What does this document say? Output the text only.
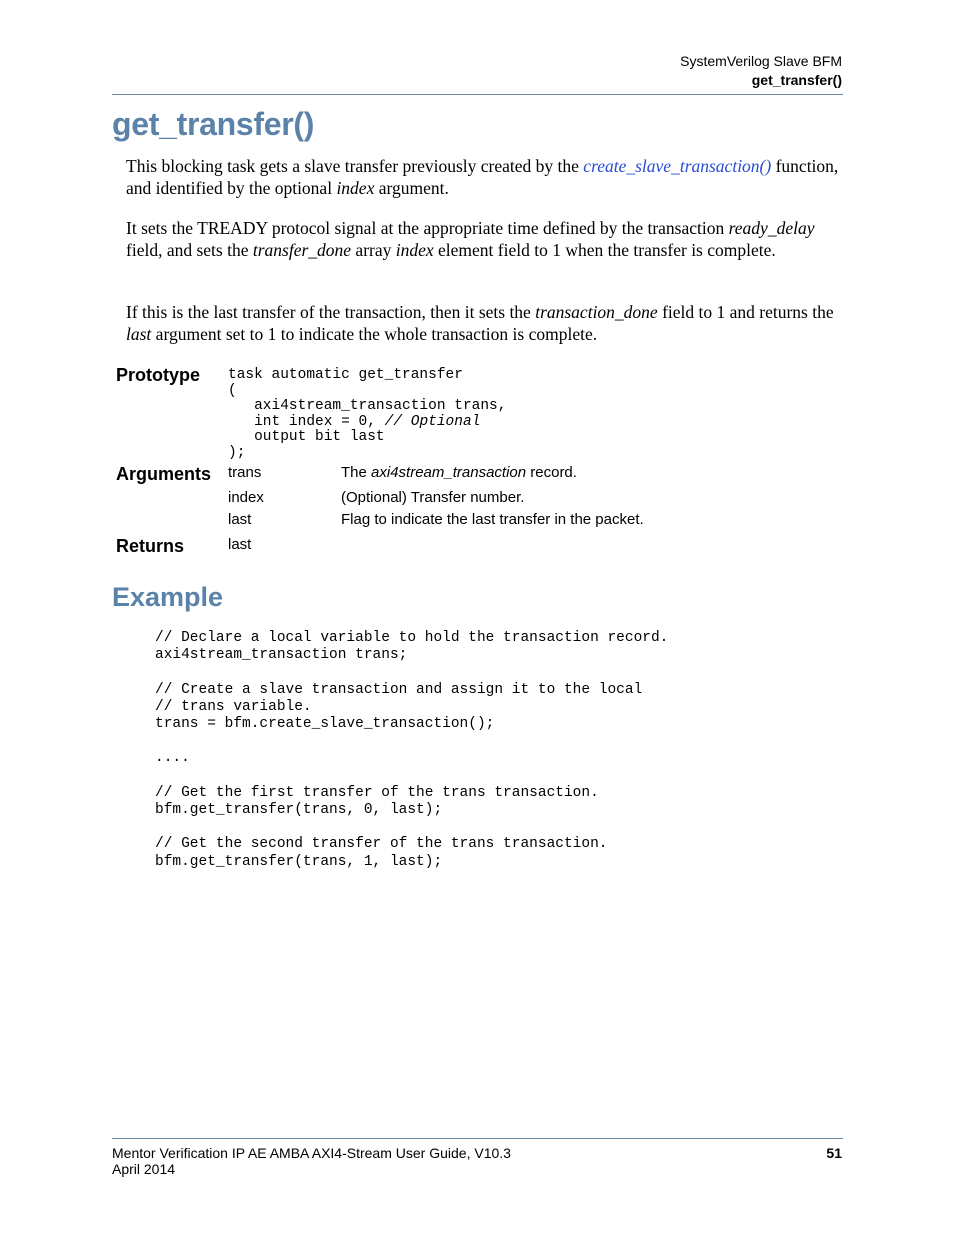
SystemVerilog Slave BFM
get_transfer()
get_transfer()

This blocking task gets a slave transfer previously created by the create_slave_transaction() function, and identified by the optional index argument.

It sets the TREADY protocol signal at the appropriate time defined by the transaction ready_delay field, and sets the transfer_done array index element field to 1 when the transfer is complete.

If this is the last transfer of the transaction, then it sets the transaction_done field to 1 and returns the last argument set to 1 to indicate the whole transaction is complete.

Prototype task automatic get_transfer
(
axi4stream_transaction trans,
int index = 0, // Optional
output bit last
);
Arguments trans	The axi4stream_transaction record.
index	(Optional) Transfer number.
last	Flag to indicate the last transfer in the packet.
Returns	last
Example
// Declare a local variable to hold the transaction record.
axi4stream_transaction trans;

// Create a slave transaction and assign it to the local
// trans variable.
trans = bfm.create_slave_transaction();

....

// Get the first transfer of the trans transaction.
bfm.get_transfer(trans, 0, last);

// Get the second transfer of the trans transaction.
bfm.get_transfer(trans, 1, last);
Mentor Verification IP AE AMBA AXI4-Stream User Guide, V10.3
April 2014
51
